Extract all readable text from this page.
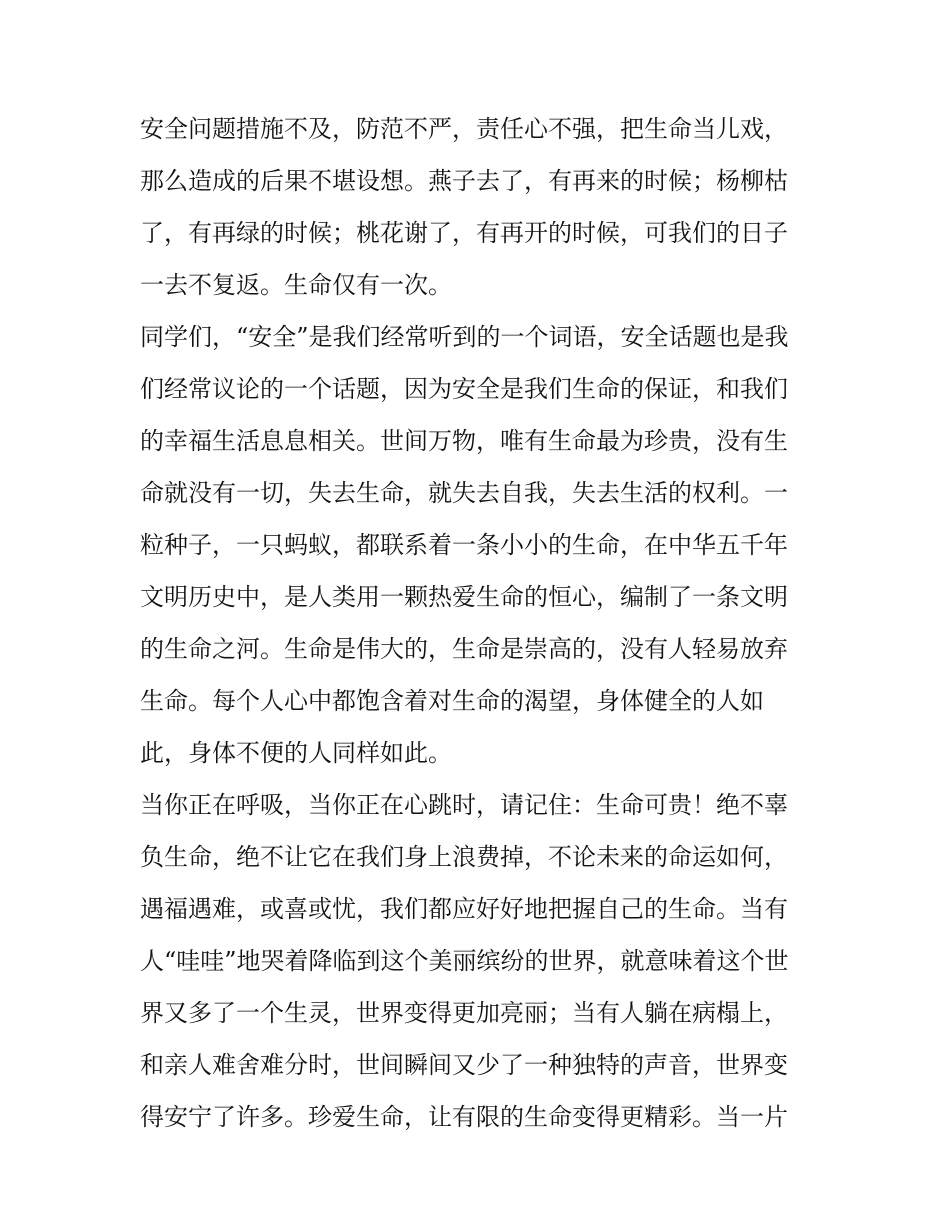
安全问题措施不及，防范不严，责任心不强，把生命当儿戏，
那么造成的后果不堪设想。燕子去了，有再来的时候；杨柳枯
了，有再绿的时候；桃花谢了，有再开的时候，可我们的日子
一去不复返。生命仅有一次。
同学们，“安全”是我们经常听到的一个词语，安全话题也是我
们经常议论的一个话题，因为安全是我们生命的保证，和我们
的幸福生活息息相关。世间万物，唯有生命最为珍贵，没有生
命就没有一切，失去生命，就失去自我，失去生活的权利。一
粒种子，一只蚂蚁，都联系着一条小小的生命，在中华五千年
文明历史中，是人类用一颗热爱生命的恒心，编制了一条文明
的生命之河。生命是伟大的，生命是崇高的，没有人轻易放弃
生命。每个人心中都饱含着对生命的渴望，身体健全的人如
此，身体不便的人同样如此。
当你正在呼吸，当你正在心跳时，请记住：生命可贵！绝不辜
负生命，绝不让它在我们身上浪费掉，不论未来的命运如何，
遇福遇难，或喜或忧，我们都应好好地把握自己的生命。当有
人“哇哇”地哭着降临到这个美丽缤纷的世界，就意味着这个世
界又多了一个生灵，世界变得更加亮丽；当有人躺在病榻上，
和亲人难舍难分时，世间瞬间又少了一种独特的声音，世界变
得安宁了许多。珍爱生命，让有限的生命变得更精彩。当一片
